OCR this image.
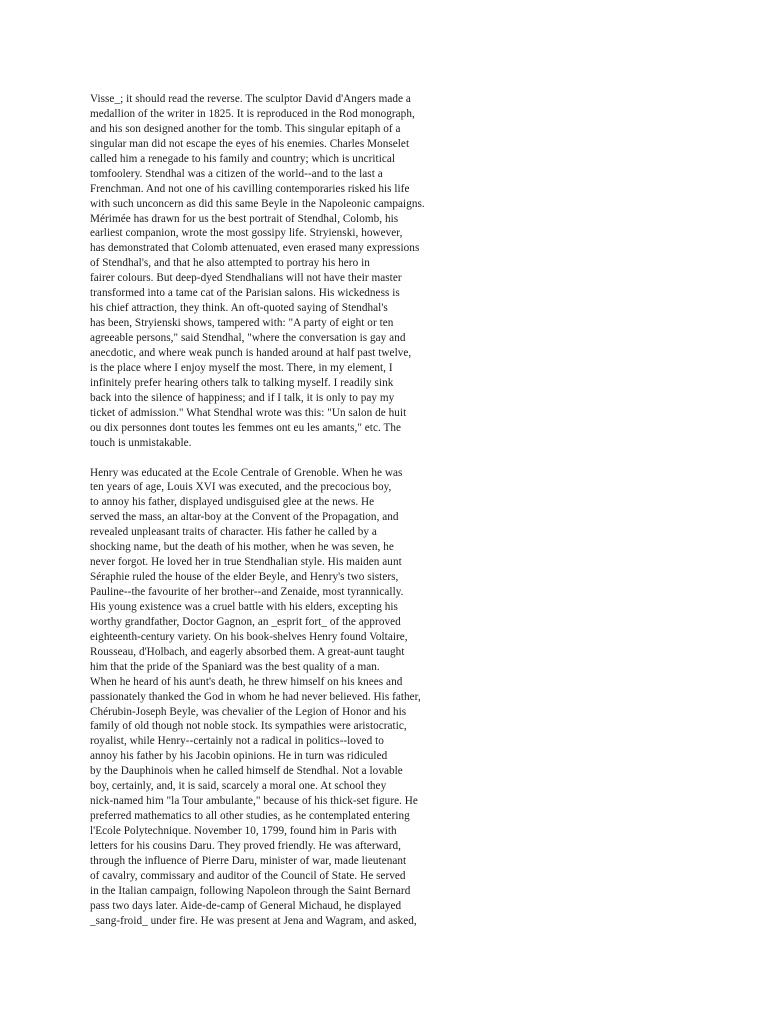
Visse_; it should read the reverse. The sculptor David d'Angers made a
medallion of the writer in 1825. It is reproduced in the Rod monograph,
and his son designed another for the tomb. This singular epitaph of a
singular man did not escape the eyes of his enemies. Charles Monselet
called him a renegade to his family and country; which is uncritical
tomfoolery. Stendhal was a citizen of the world--and to the last a
Frenchman. And not one of his cavilling contemporaries risked his life
with such unconcern as did this same Beyle in the Napoleonic campaigns.
Mérimée has drawn for us the best portrait of Stendhal, Colomb, his
earliest companion, wrote the most gossipy life. Stryienski, however,
has demonstrated that Colomb attenuated, even erased many expressions
of Stendhal's, and that he also attempted to portray his hero in
fairer colours. But deep-dyed Stendhalians will not have their master
transformed into a tame cat of the Parisian salons. His wickedness is
his chief attraction, they think. An oft-quoted saying of Stendhal's
has been, Stryienski shows, tampered with: "A party of eight or ten
agreeable persons," said Stendhal, "where the conversation is gay and
anecdotic, and where weak punch is handed around at half past twelve,
is the place where I enjoy myself the most. There, in my element, I
infinitely prefer hearing others talk to talking myself. I readily sink
back into the silence of happiness; and if I talk, it is only to pay my
ticket of admission." What Stendhal wrote was this: "Un salon de huit
ou dix personnes dont toutes les femmes ont eu les amants," etc. The
touch is unmistakable.
Henry was educated at the Ecole Centrale of Grenoble. When he was
ten years of age, Louis XVI was executed, and the precocious boy,
to annoy his father, displayed undisguised glee at the news. He
served the mass, an altar-boy at the Convent of the Propagation, and
revealed unpleasant traits of character. His father he called by a
shocking name, but the death of his mother, when he was seven, he
never forgot. He loved her in true Stendhalian style. His maiden aunt
Séraphie ruled the house of the elder Beyle, and Henry's two sisters,
Pauline--the favourite of her brother--and Zenaide, most tyrannically.
His young existence was a cruel battle with his elders, excepting his
worthy grandfather, Doctor Gagnon, an _esprit fort_ of the approved
eighteenth-century variety. On his book-shelves Henry found Voltaire,
Rousseau, d'Holbach, and eagerly absorbed them. A great-aunt taught
him that the pride of the Spaniard was the best quality of a man.
When he heard of his aunt's death, he threw himself on his knees and
passionately thanked the God in whom he had never believed. His father,
Chérubin-Joseph Beyle, was chevalier of the Legion of Honor and his
family of old though not noble stock. Its sympathies were aristocratic,
royalist, while Henry--certainly not a radical in politics--loved to
annoy his father by his Jacobin opinions. He in turn was ridiculed
by the Dauphinois when he called himself de Stendhal. Not a lovable
boy, certainly, and, it is said, scarcely a moral one. At school they
nick-named him "la Tour ambulante," because of his thick-set figure. He
preferred mathematics to all other studies, as he contemplated entering
l'Ecole Polytechnique. November 10, 1799, found him in Paris with
letters for his cousins Daru. They proved friendly. He was afterward,
through the influence of Pierre Daru, minister of war, made lieutenant
of cavalry, commissary and auditor of the Council of State. He served
in the Italian campaign, following Napoleon through the Saint Bernard
pass two days later. Aide-de-camp of General Michaud, he displayed
_sang-froid_ under fire. He was present at Jena and Wagram, and asked,
